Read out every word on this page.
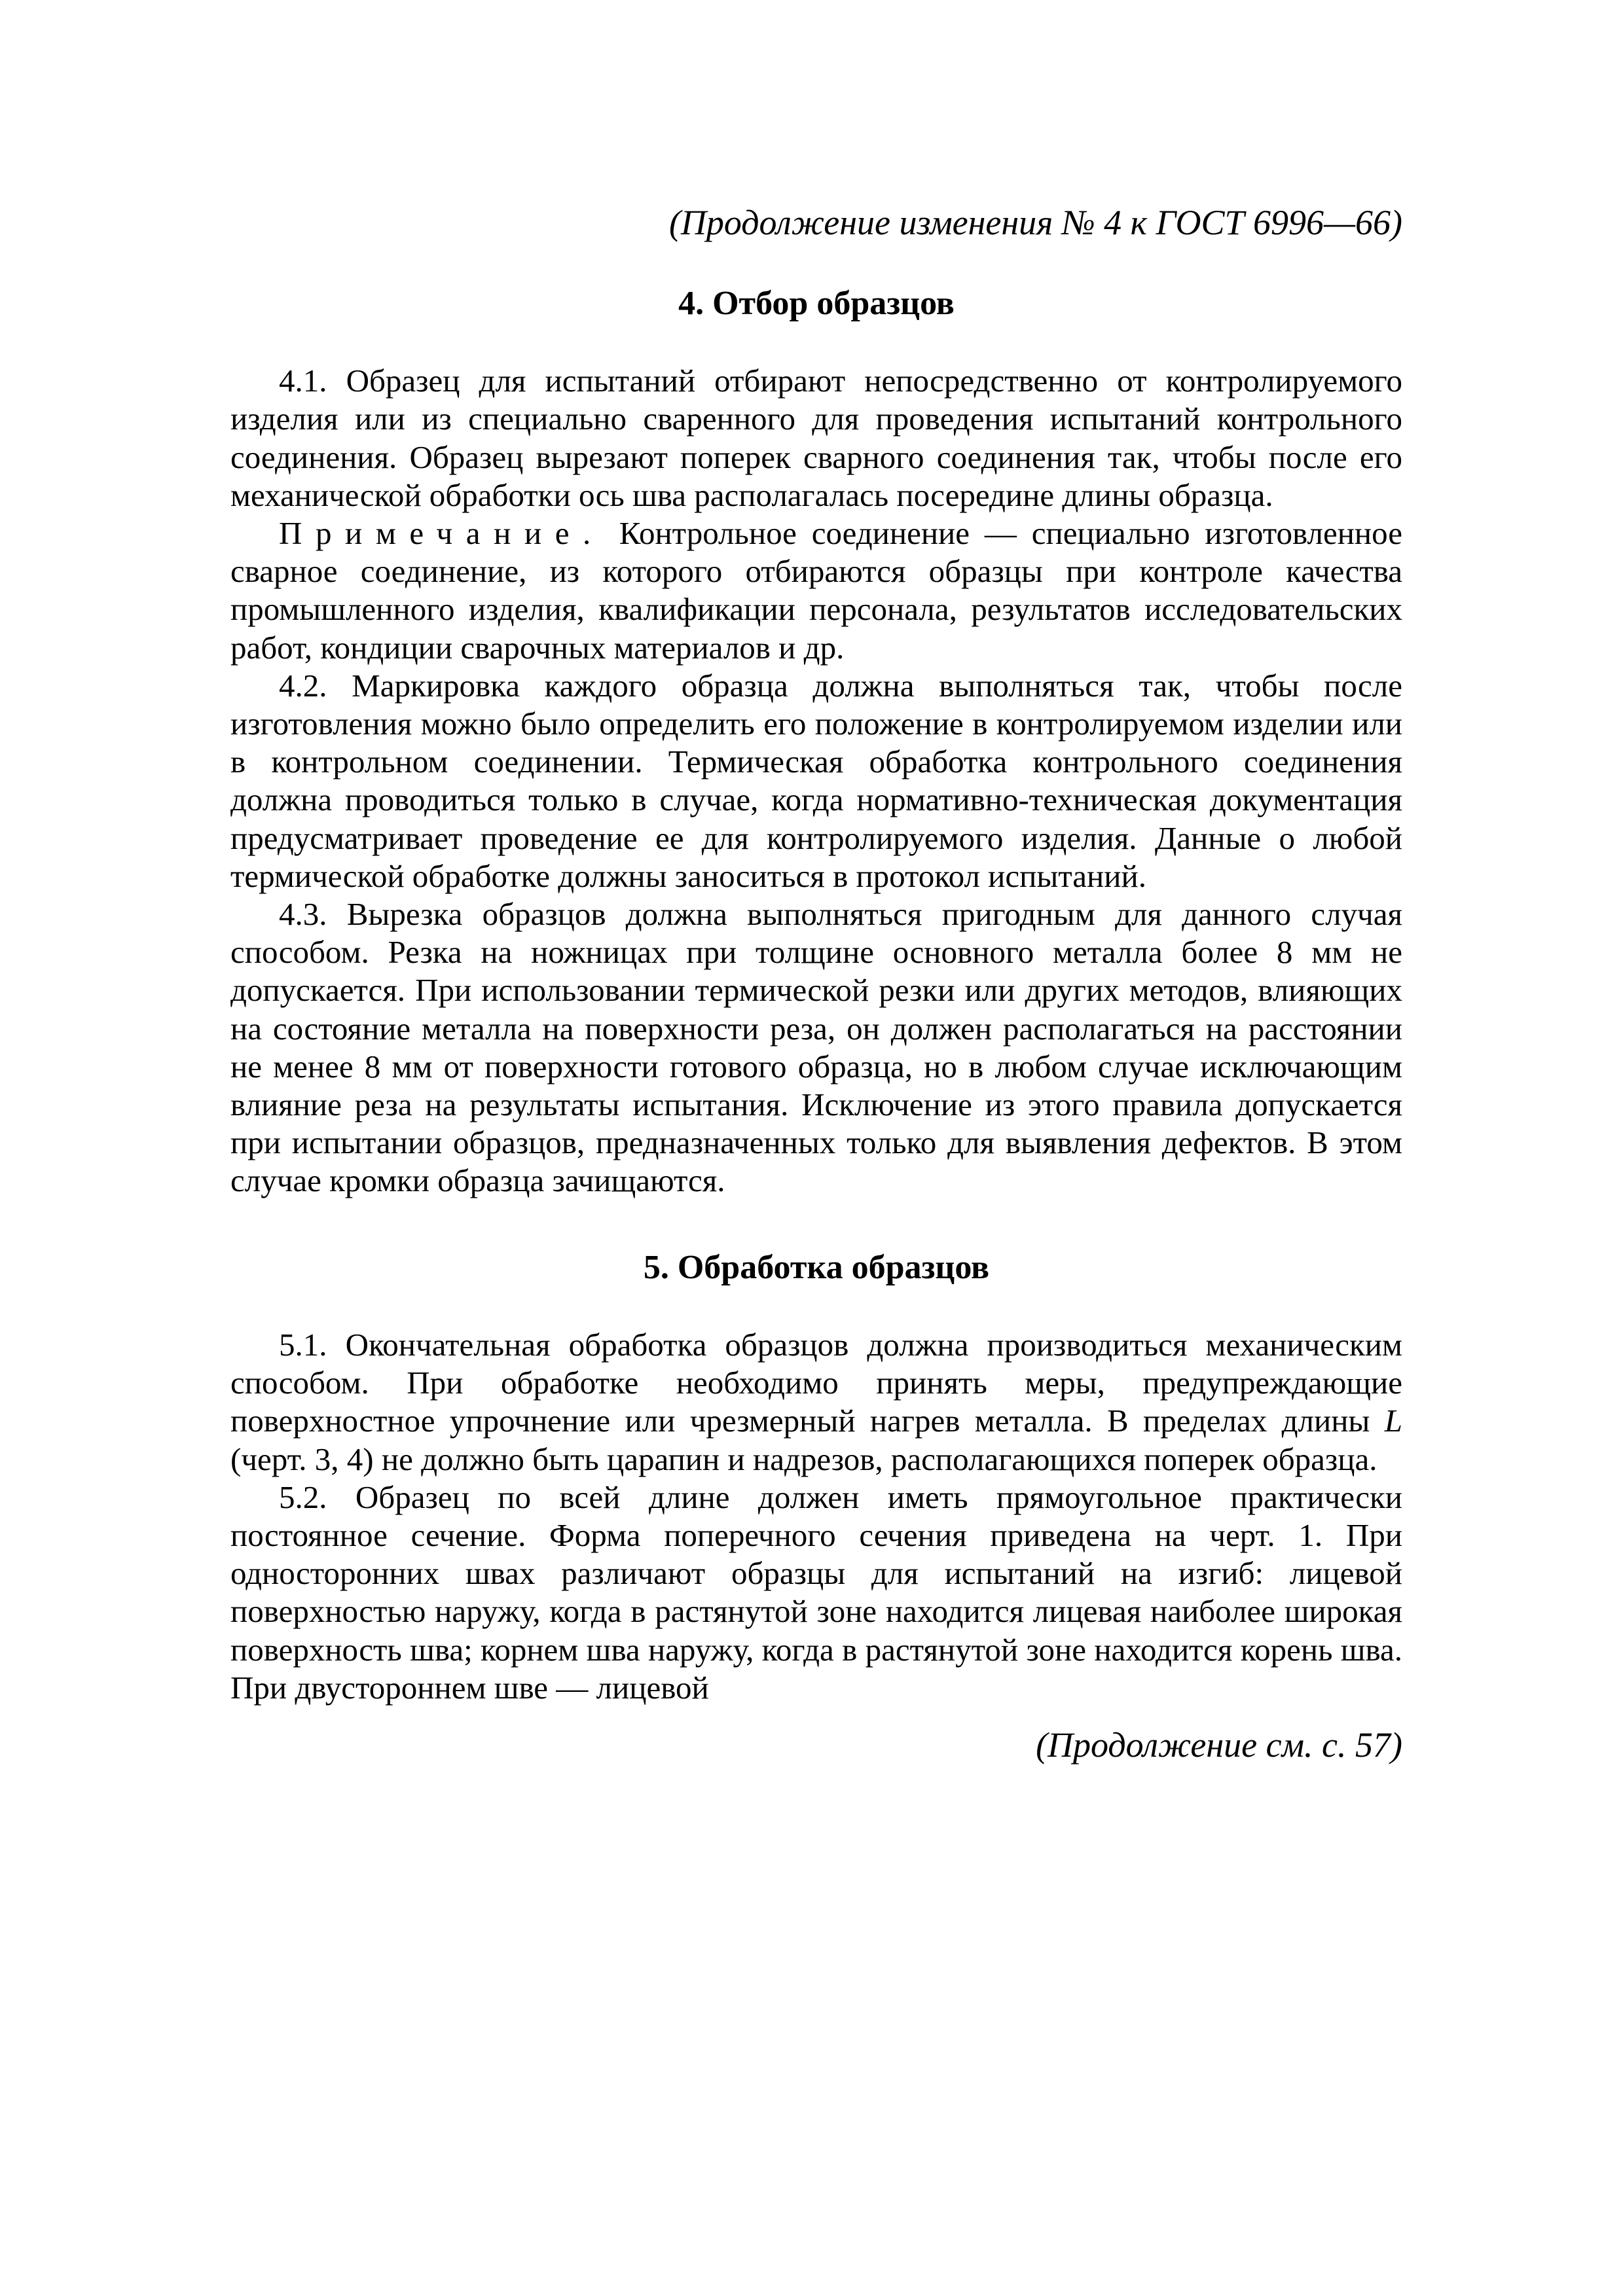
(Продолжение изменения № 4 к ГОСТ 6996—66)
4. Отбор образцов

4.1. Образец для испытаний отбирают непосредственно от контролируемого изделия или из специально сваренного для проведения испытаний контрольного соединения. Образец вырезают поперек сварного соединения так, чтобы после его механической обработки ось шва располагалась посередине длины образца.

Примечание. Контрольное соединение — специально изготовленное сварное соединение, из которого отбираются образцы при контроле качества промышленного изделия, квалификации персонала, результатов исследовательских работ, кондиции сварочных материалов и др.

4.2. Маркировка каждого образца должна выполняться так, чтобы после изготовления можно было определить его положение в контролируемом изделии или в контрольном соединении. Термическая обработка контрольного соединения должна проводиться только в случае, когда нормативно-техническая документация предусматривает проведение ее для контролируемого изделия. Данные о любой термической обработке должны заноситься в протокол испытаний.

4.3. Вырезка образцов должна выполняться пригодным для данного случая способом. Резка на ножницах при толщине основного металла более 8 мм не допускается. При использовании термической резки или других методов, влияющих на состояние металла на поверхности реза, он должен располагаться на расстоянии не менее 8 мм от поверхности готового образца, но в любом случае исключающим влияние реза на результаты испытания. Исключение из этого правила допускается при испытании образцов, предназначенных только для выявления дефектов. В этом случае кромки образца зачищаются.

5. Обработка образцов

5.1. Окончательная обработка образцов должна производиться механическим способом. При обработке необходимо принять меры, предупреждающие поверхностное упрочнение или чрезмерный нагрев металла. В пределах длины L (черт. 3, 4) не должно быть царапин и надрезов, располагающихся поперек образца.

5.2. Образец по всей длине должен иметь прямоугольное практически постоянное сечение. Форма поперечного сечения приведена на черт. 1. При односторонних швах различают образцы для испытаний на изгиб: лицевой поверхностью наружу, когда в растянутой зоне находится лицевая наиболее широкая поверхность шва; корнем шва наружу, когда в растянутой зоне находится корень шва. При двустороннем шве — лицевой

(Продолжение см. с. 57)
